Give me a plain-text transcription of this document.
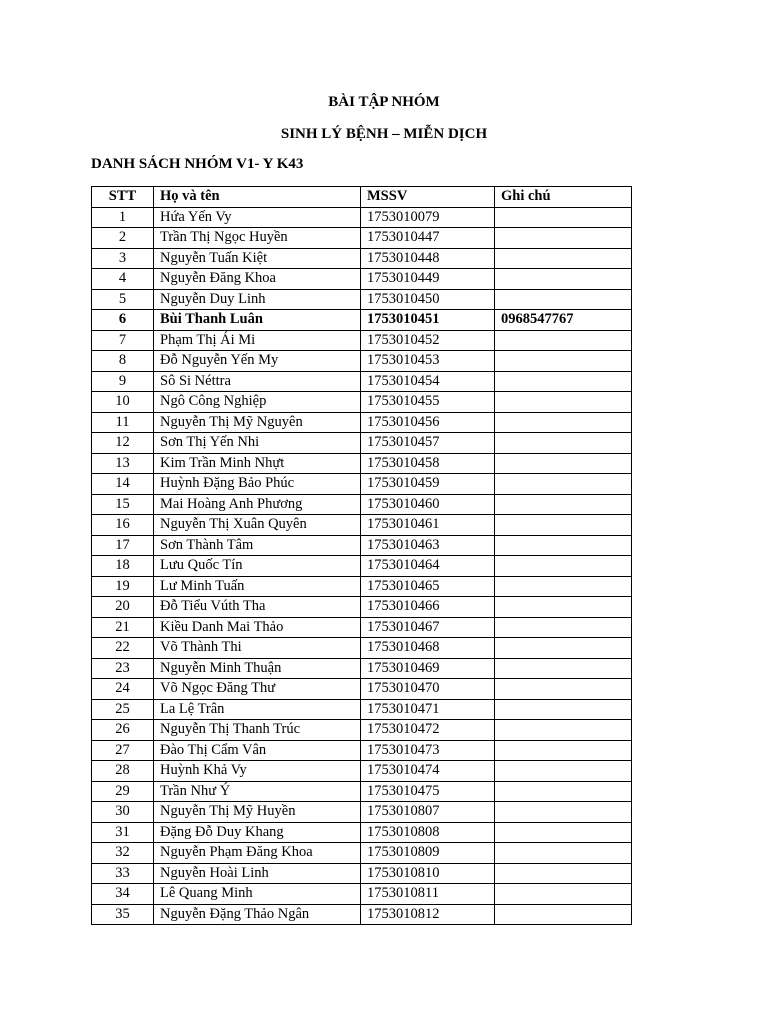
BÀI TẬP NHÓM
SINH LÝ BỆNH – MIỄN DỊCH
DANH SÁCH NHÓM V1- Y K43
STT	Họ và tên	MSSV	Ghi chú
1	Hứa Yến Vy	1753010079	
2	Trần Thị Ngọc Huyền	1753010447	
3	Nguyễn Tuấn Kiệt	1753010448	
4	Nguyễn Đăng Khoa	1753010449	
5	Nguyễn Duy Linh	1753010450	
6	Bùi Thanh Luân	1753010451	0968547767
7	Phạm Thị Ái Mi	1753010452	
8	Đỗ Nguyễn Yến My	1753010453	
9	Sô Si Néttra	1753010454	
10	Ngô Công Nghiệp	1753010455	
11	Nguyễn Thị Mỹ Nguyên	1753010456	
12	Sơn Thị Yến Nhi	1753010457	
13	Kim Trần Minh Nhựt	1753010458	
14	Huỳnh Đặng Bảo Phúc	1753010459	
15	Mai Hoàng Anh Phương	1753010460	
16	Nguyễn Thị Xuân Quyên	1753010461	
17	Sơn Thành Tâm	1753010463	
18	Lưu Quốc Tín	1753010464	
19	Lư Minh Tuấn	1753010465	
20	Đỗ Tiểu Vúth Tha	1753010466	
21	Kiều Danh Mai Thảo	1753010467	
22	Võ Thành Thi	1753010468	
23	Nguyễn Minh Thuận	1753010469	
24	Võ Ngọc Đăng Thư	1753010470	
25	La Lệ Trân	1753010471	
26	Nguyễn Thị Thanh Trúc	1753010472	
27	Đào Thị Cẩm Vân	1753010473	
28	Huỳnh Khả Vy	1753010474	
29	Trần Như Ý	1753010475	
30	Nguyễn Thị Mỹ Huyền	1753010807	
31	Đặng Đỗ Duy Khang	1753010808	
32	Nguyễn Phạm Đăng Khoa	1753010809	
33	Nguyễn Hoài Linh	1753010810	
34	Lê Quang Minh	1753010811	
35	Nguyễn Đặng Thảo Ngân	1753010812	
